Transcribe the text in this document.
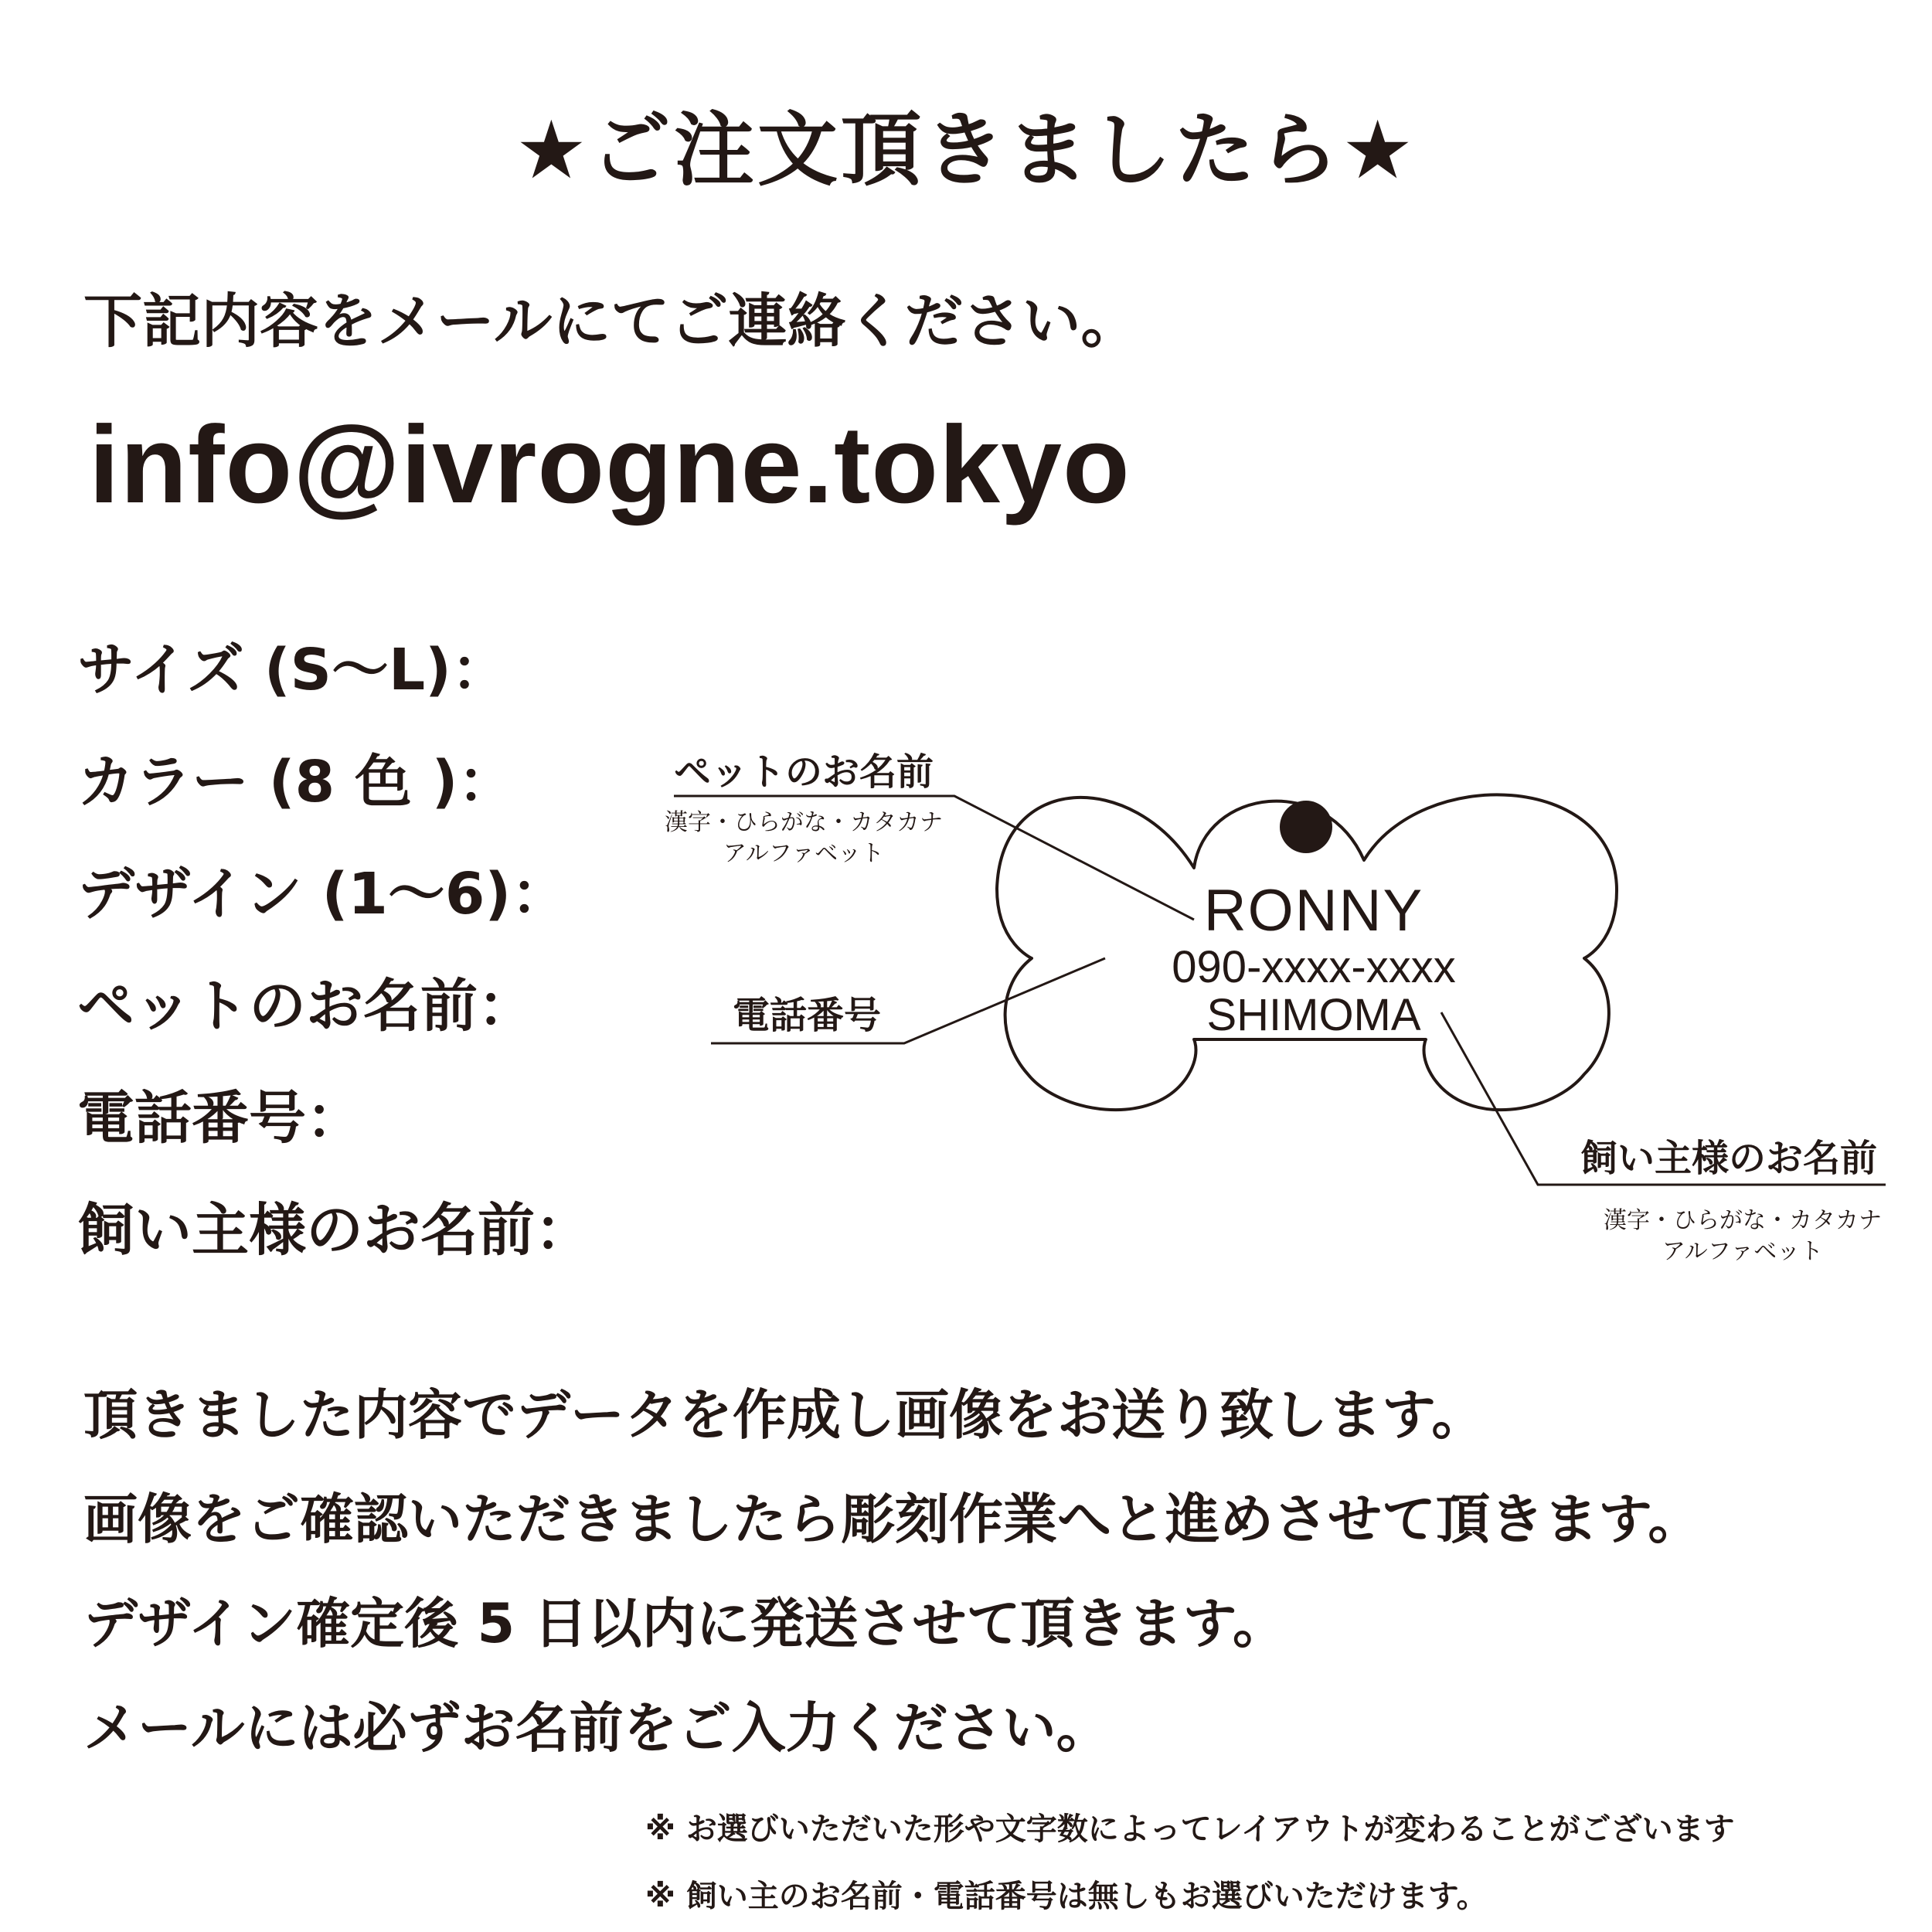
★ご注文頂きましたら★
下記内容をメールにてご連絡ください。
info@ivrogne.tokyo
サイズ (S〜L)：
カラー (8 色 )：
デザイン (1〜6)：
ペットのお名前：
電話番号：
飼い主様のお名前：
ペットのお名前
漢字・ひらがな・カタカナ
アルファベット
電話番号
飼い主様のお名前
漢字・ひらがな・カタカナ
アルファベット
RONNY
090-xxxx-xxxx
SHIMOMA
頂きました内容でデータを作成し画像をお送り致します。
画像をご確認いただきましたら彫刻作業へと進めさせて頂きます。
デザイン確定後 5 日以内に発送させて頂きます。
メールには必ずお名前をご入力ください。
※ お選びいただいた形や文字数によってレイアウトが変わることがございます
※ 飼い主のお名前・電話番号は無しもお選びいただけます。
